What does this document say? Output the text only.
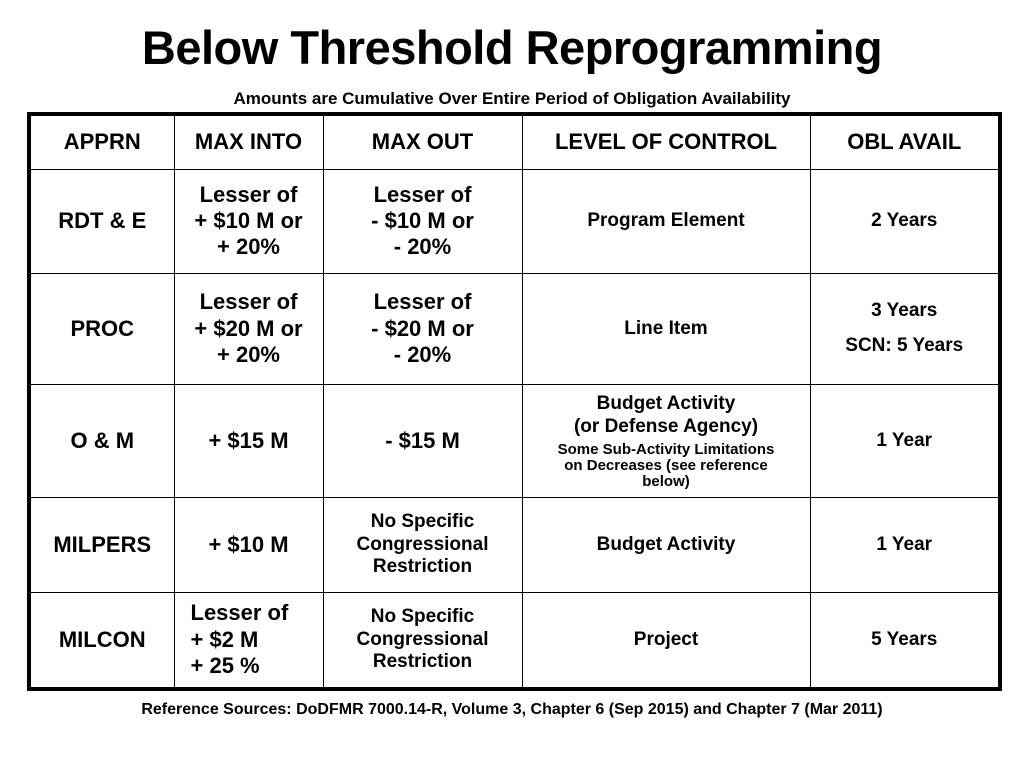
Below Threshold Reprogramming
Amounts are Cumulative Over Entire Period of Obligation Availability
APPRN	MAX INTO	MAX OUT	LEVEL OF CONTROL	OBL AVAIL
RDT & E	Lesser of
+ $10 M or
+ 20%	Lesser of
- $10 M or
- 20%	Program Element	2 Years
PROC	Lesser of
+ $20 M or
+ 20%	Lesser of
- $20 M or
- 20%	Line Item	3 Years
SCN: 5 Years

O & M	+ $15 M	- $15 M	Budget Activity
(or Defense Agency)
Some Sub-Activity Limitations
on Decreases (see reference
below)	1 Year
MILPERS	+ $10 M	No Specific
Congressional
Restriction	Budget Activity	1 Year
MILCON	Lesser of
+ $2 M
+ 25 %	No Specific
Congressional
Restriction	Project	5 Years
Reference Sources: DoDFMR 7000.14-R, Volume 3, Chapter 6 (Sep 2015) and Chapter 7 (Mar 2011)
